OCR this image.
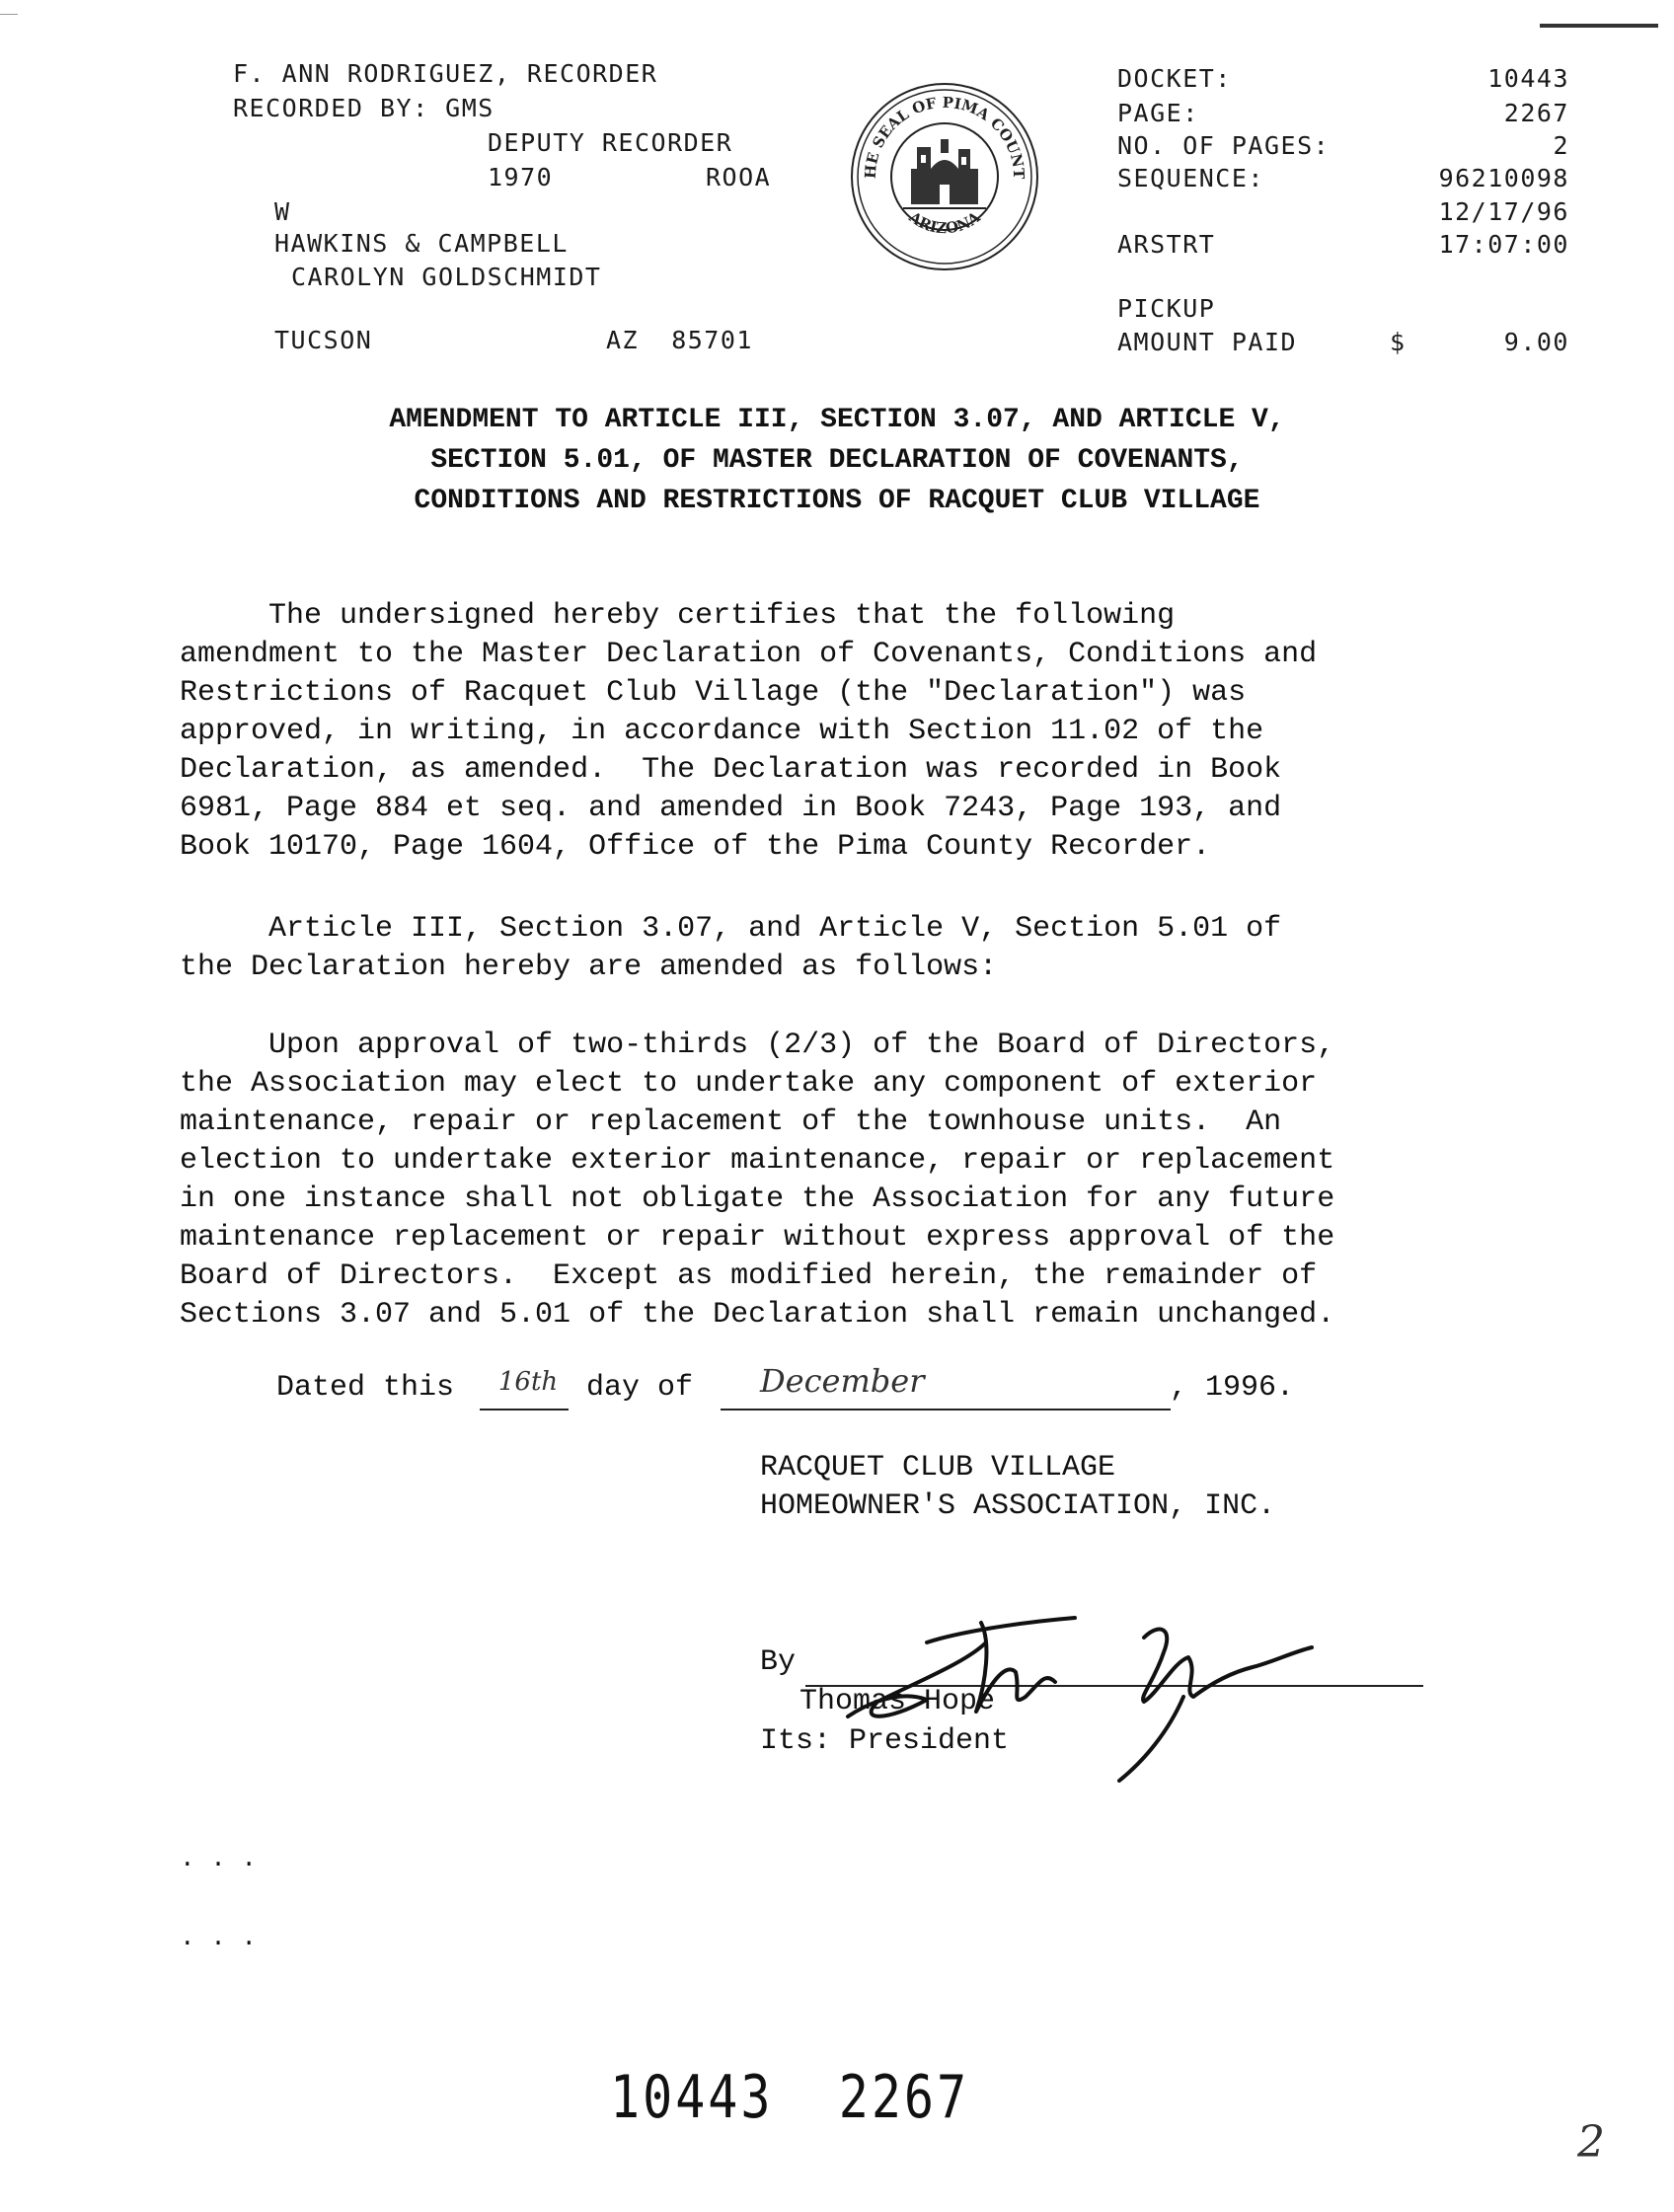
F. ANN RODRIGUEZ, RECORDER
RECORDED BY: GMS
DEPUTY RECORDER
1970	ROOA
W
HAWKINS & CAMPBELL
CAROLYN GOLDSCHMIDT
TUCSON	AZ  85701

HE SEAL OF PIMA COUNT
ARIZONA

DOCKET:	10443
PAGE:	2267
NO. OF PAGES:	2
SEQUENCE:	96210098
12/17/96
ARSTRT	17:07:00
PICKUP
AMOUNT PAID	$	9.00
AMENDMENT TO ARTICLE III, SECTION 3.07, AND ARTICLE V,
SECTION 5.01, OF MASTER DECLARATION OF COVENANTS,
CONDITIONS AND RESTRICTIONS OF RACQUET CLUB VILLAGE

The undersigned hereby certifies that the following

amendment to the Master Declaration of Covenants, Conditions and

Restrictions of Racquet Club Village (the "Declaration") was

approved, in writing, in accordance with Section 11.02 of the

Declaration, as amended.  The Declaration was recorded in Book

6981, Page 884 et seq. and amended in Book 7243, Page 193, and

Book 10170, Page 1604, Office of the Pima County Recorder.

Article III, Section 3.07, and Article V, Section 5.01 of

the Declaration hereby are amended as follows:

Upon approval of two-thirds (2/3) of the Board of Directors,

the Association may elect to undertake any component of exterior

maintenance, repair or replacement of the townhouse units.  An

election to undertake exterior maintenance, repair or replacement

in one instance shall not obligate the Association for any future

maintenance replacement or repair without express approval of the

Board of Directors.  Except as modified herein, the remainder of

Sections 3.07 and 5.01 of the Declaration shall remain unchanged.

Dated this	16th day of	December	, 1996.

RACQUET CLUB VILLAGE

HOMEOWNER'S ASSOCIATION, INC.

By

Thomas Hope
Its: President
. . .
. . .
10443  2267
2
